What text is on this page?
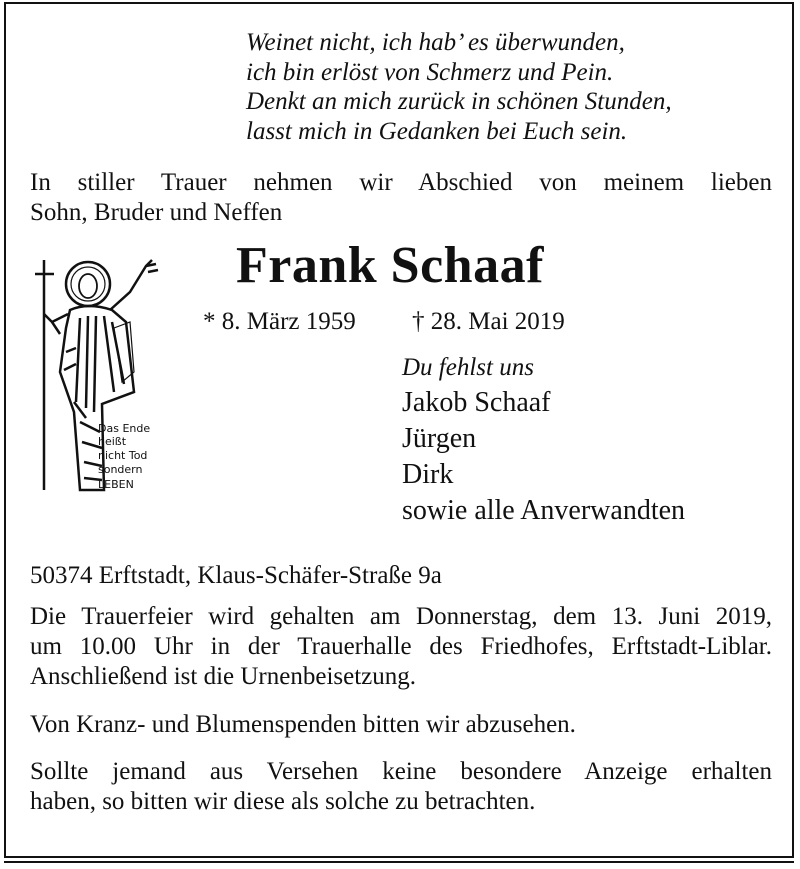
Weinet nicht, ich hab’ es überwunden,
ich bin erlöst von Schmerz und Pein.
Denkt an mich zurück in schönen Stunden,
lasst mich in Gedanken bei Euch sein.
In stiller Trauer nehmen wir Abschied von meinem lieben
Sohn, Bruder und Neffen
Frank Schaaf
* 8. März 1959 † 28. Mai 2019
Das Ende
heißt
nicht Tod
sondern
LEBEN
Du fehlst uns
Jakob Schaaf
Jürgen
Dirk
sowie alle Anverwandten
50374 Erftstadt, Klaus-Schäfer-Straße 9a
Die Trauerfeier wird gehalten am Donnerstag, dem 13. Juni 2019,
um 10.00 Uhr in der Trauerhalle des Friedhofes, Erftstadt-Liblar.
Anschließend ist die Urnenbeisetzung.
Von Kranz- und Blumenspenden bitten wir abzusehen.
Sollte jemand aus Versehen keine besondere Anzeige erhalten
haben, so bitten wir diese als solche zu betrachten.
